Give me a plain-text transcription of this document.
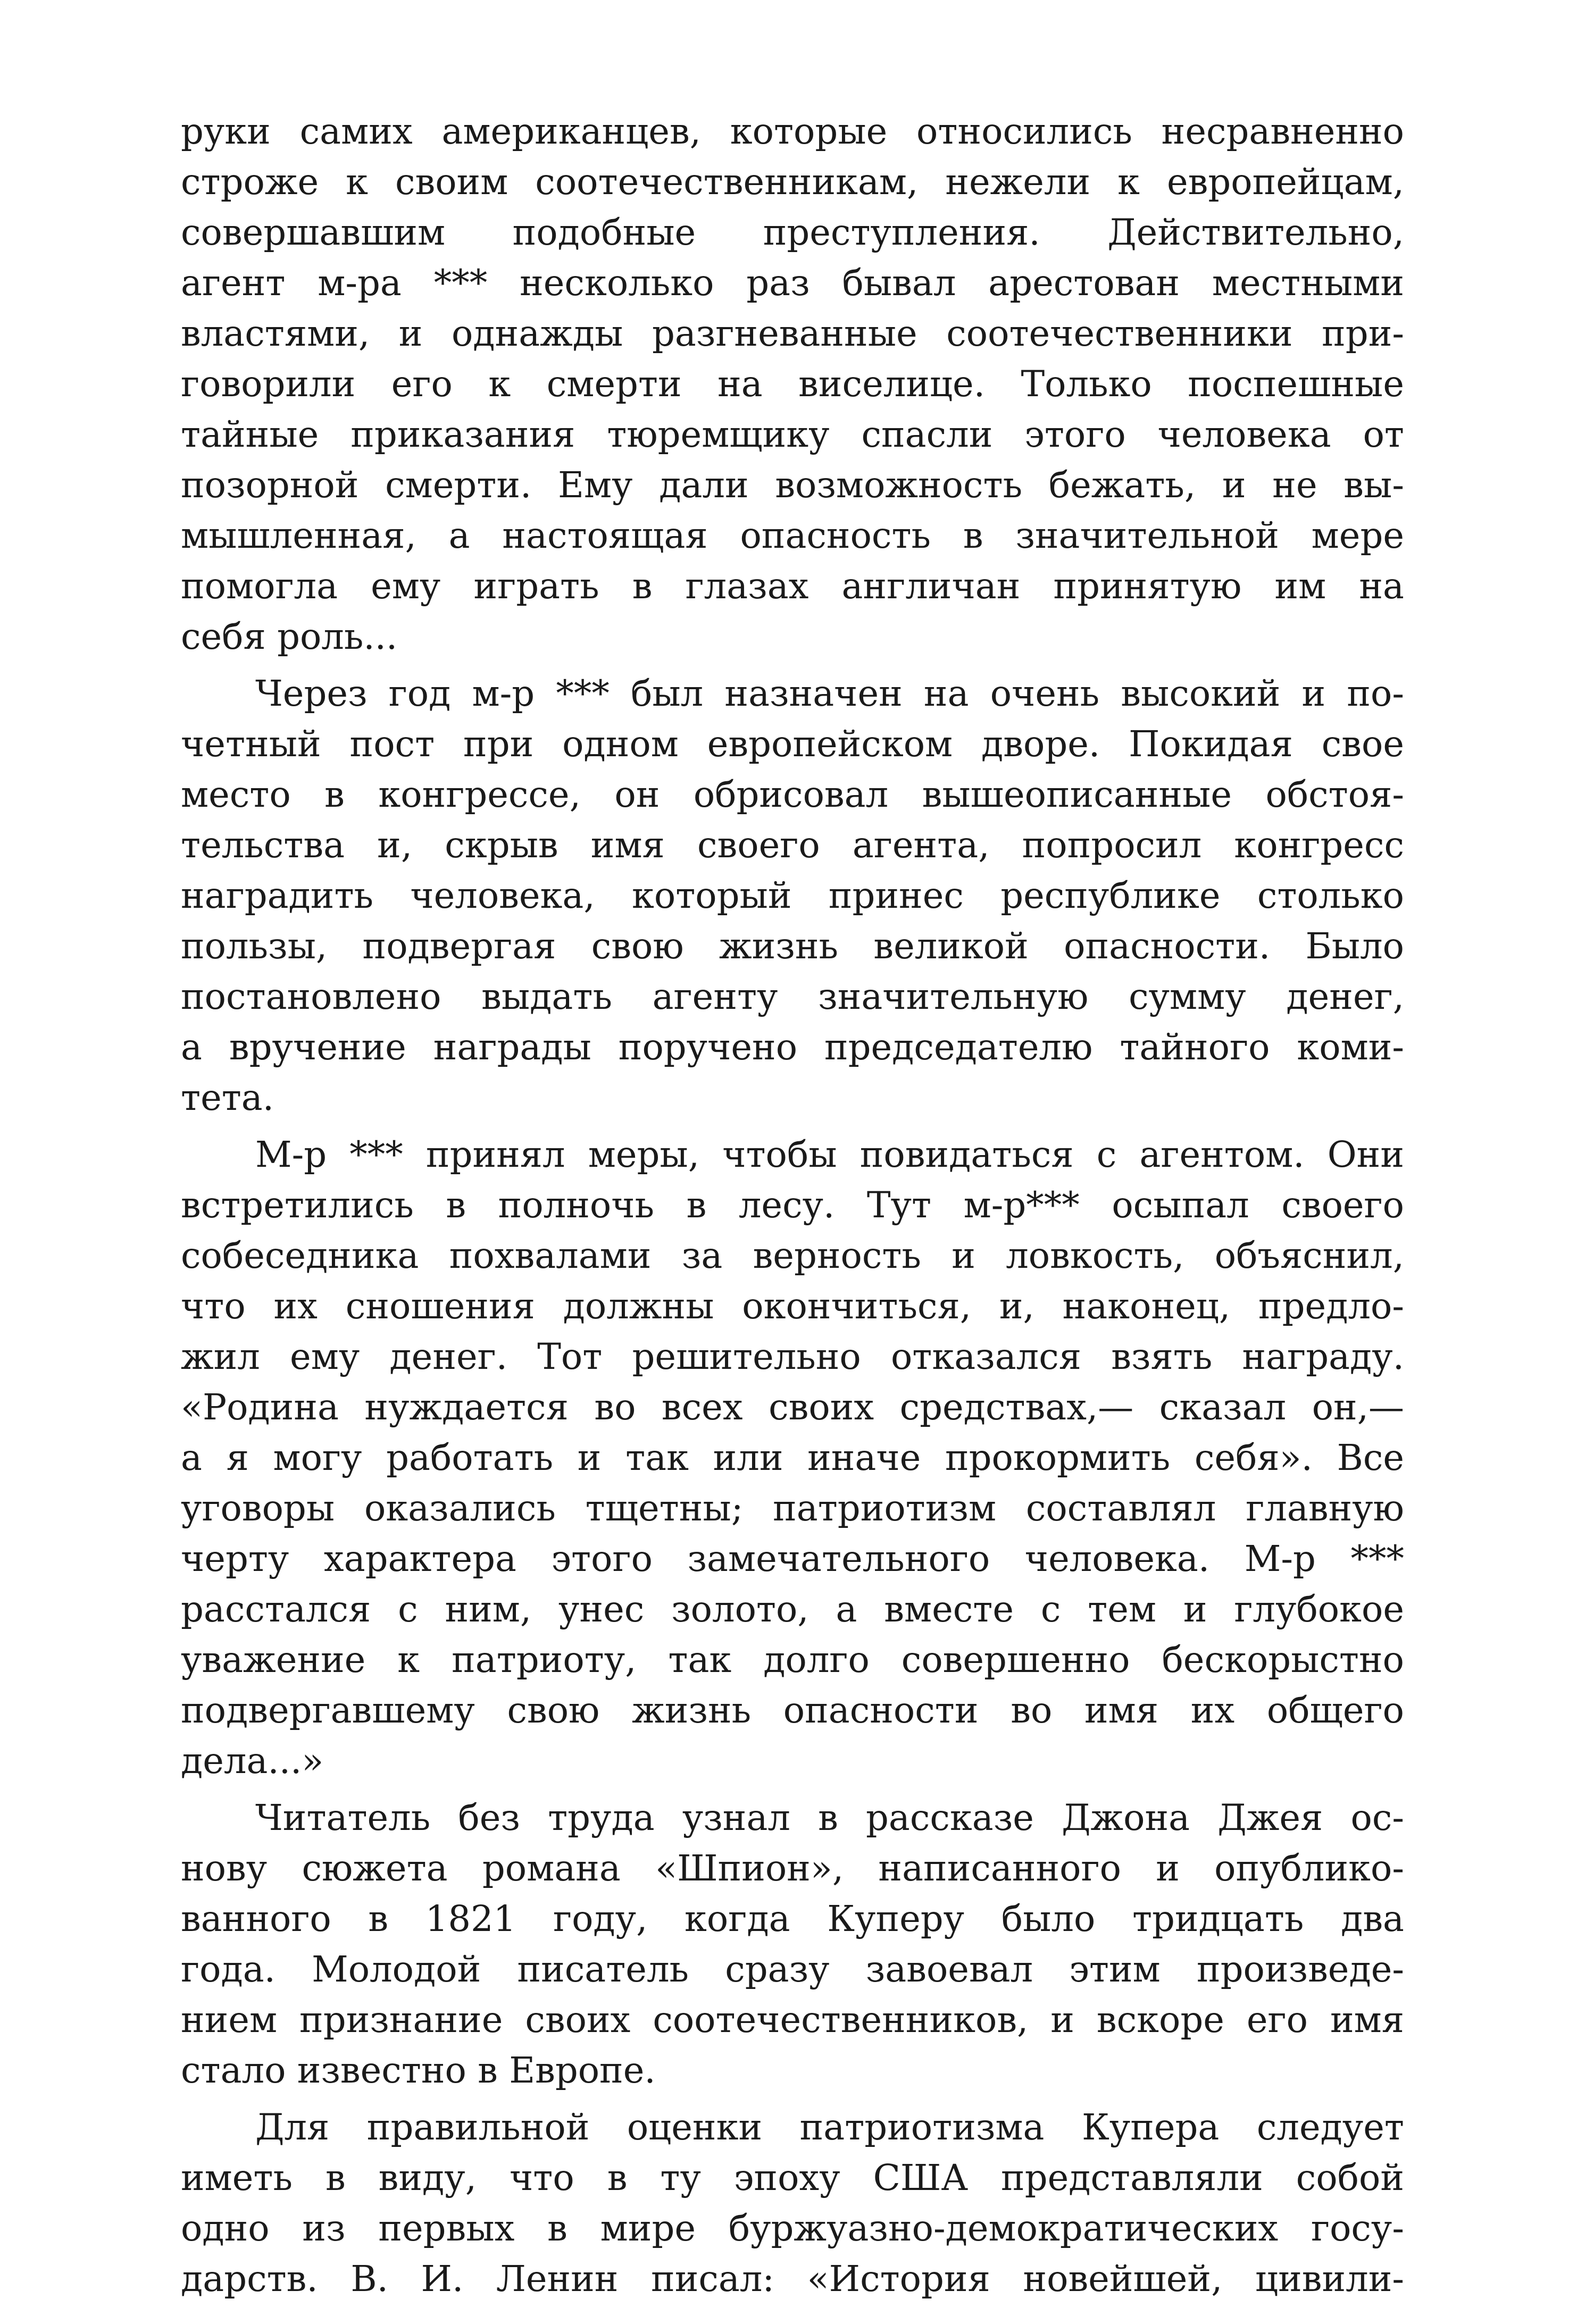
руки самих американцев, которые относились несравненно
строже к своим соотечественникам, нежели к европейцам,
совершавшим подобные преступления. Действительно,
агент м-ра *** несколько раз бывал арестован местными
властями, и однажды разгневанные соотечественники при-
говорили его к смерти на виселице. Только поспешные
тайные приказания тюремщику спасли этого человека от
позорной смерти. Ему дали возможность бежать, и не вы-
мышленная, а настоящая опасность в значительной мере
помогла ему играть в глазах англичан принятую им на
себя роль...

Через год м-р *** был назначен на очень высокий и по-
четный пост при одном европейском дворе. Покидая свое
место в конгрессе, он обрисовал вышеописанные обстоя-
тельства и, скрыв имя своего агента, попросил конгресс
наградить человека, который принес республике столько
пользы, подвергая свою жизнь великой опасности. Было
постановлено выдать агенту значительную сумму денег,
а вручение награды поручено председателю тайного коми-
тета.

М-р *** принял меры, чтобы повидаться с агентом. Они
встретились в полночь в лесу. Тут м-р*** осыпал своего
собеседника похвалами за верность и ловкость, объяснил,
что их сношения должны окончиться, и, наконец, предло-
жил ему денег. Тот решительно отказался взять награду.
«Родина нуждается во всех своих средствах,— сказал он,—
а я могу работать и так или иначе прокормить себя». Все
уговоры оказались тщетны; патриотизм составлял главную
черту характера этого замечательного человека. М-р ***
расстался с ним, унес золото, а вместе с тем и глубокое
уважение к патриоту, так долго совершенно бескорыстно
подвергавшему свою жизнь опасности во имя их общего
дела...»

Читатель без труда узнал в рассказе Джона Джея ос-
нову сюжета романа «Шпион», написанного и опублико-
ванного в 1821 году, когда Куперу было тридцать два
года. Молодой писатель сразу завоевал этим произведе-
нием признание своих соотечественников, и вскоре его имя
стало известно в Европе.

Для правильной оценки патриотизма Купера следует
иметь в виду, что в ту эпоху США представляли собой
одно из первых в мире буржуазно-демократических госу-
дарств. В. И. Ленин писал: «История новейшей, цивили-
